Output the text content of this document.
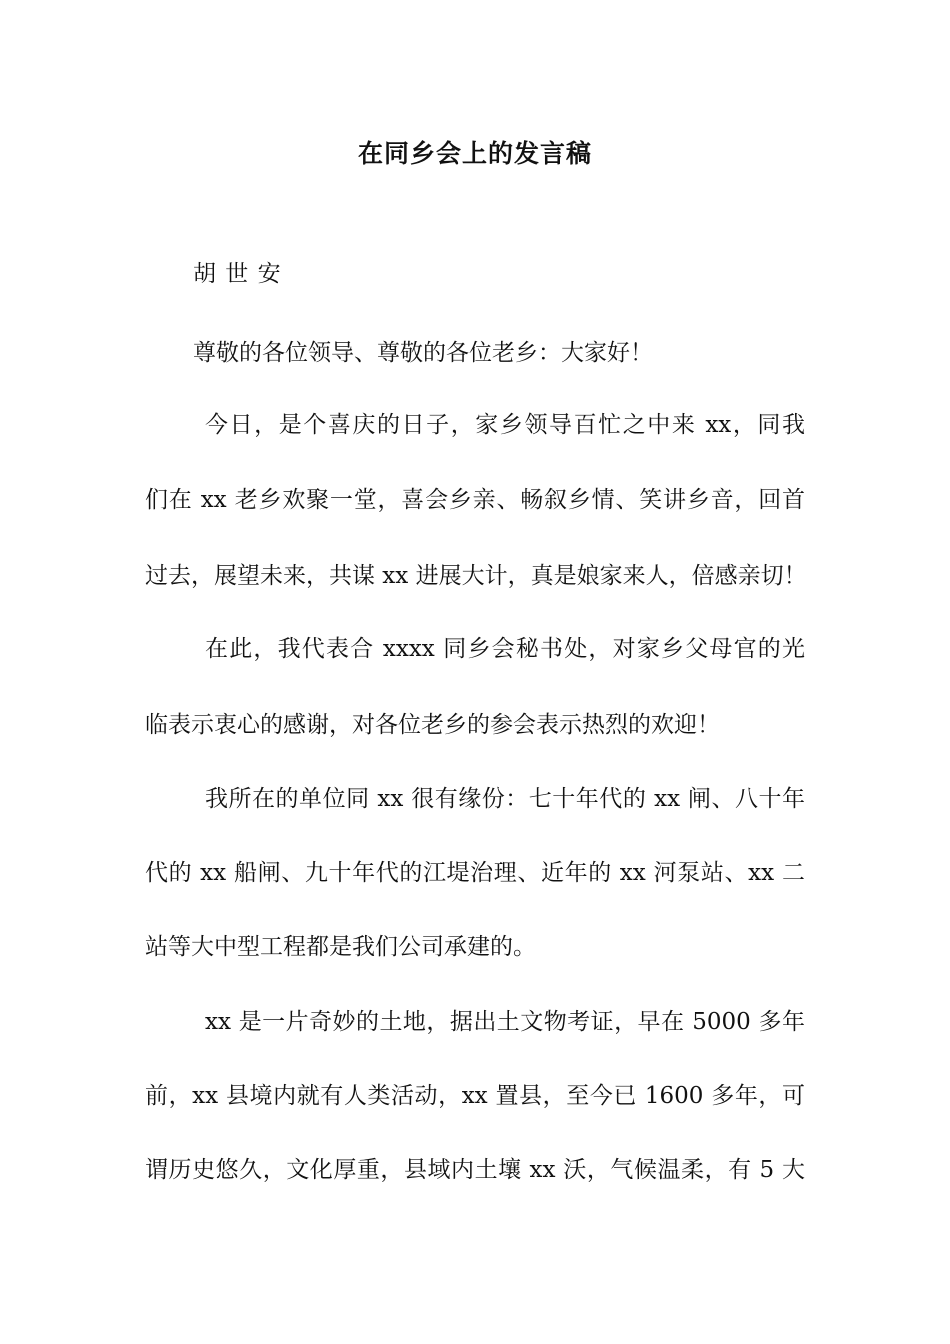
在同乡会上的发言稿
胡 世 安
尊敬的各位领导、尊敬的各位老乡：大家好！
今日，是个喜庆的日子，家乡领导百忙之中来 xx，同我
们在 xx 老乡欢聚一堂，喜会乡亲、畅叙乡情、笑讲乡音，回首
过去，展望未来，共谋 xx 进展大计，真是娘家来人，倍感亲切！
在此，我代表合 xxxx 同乡会秘书处，对家乡父母官的光
临表示衷心的感谢，对各位老乡的参会表示热烈的欢迎！
我所在的单位同 xx 很有缘份：七十年代的 xx 闸、八十年
代的 xx 船闸、九十年代的江堤治理、近年的 xx 河泵站、xx 二
站等大中型工程都是我们公司承建的。
xx 是一片奇妙的土地，据出土文物考证，早在 5000 多年
前，xx 县境内就有人类活动，xx 置县，至今已 1600 多年，可
谓历史悠久，文化厚重，县域内土壤 xx 沃，气候温柔，有 5 大
